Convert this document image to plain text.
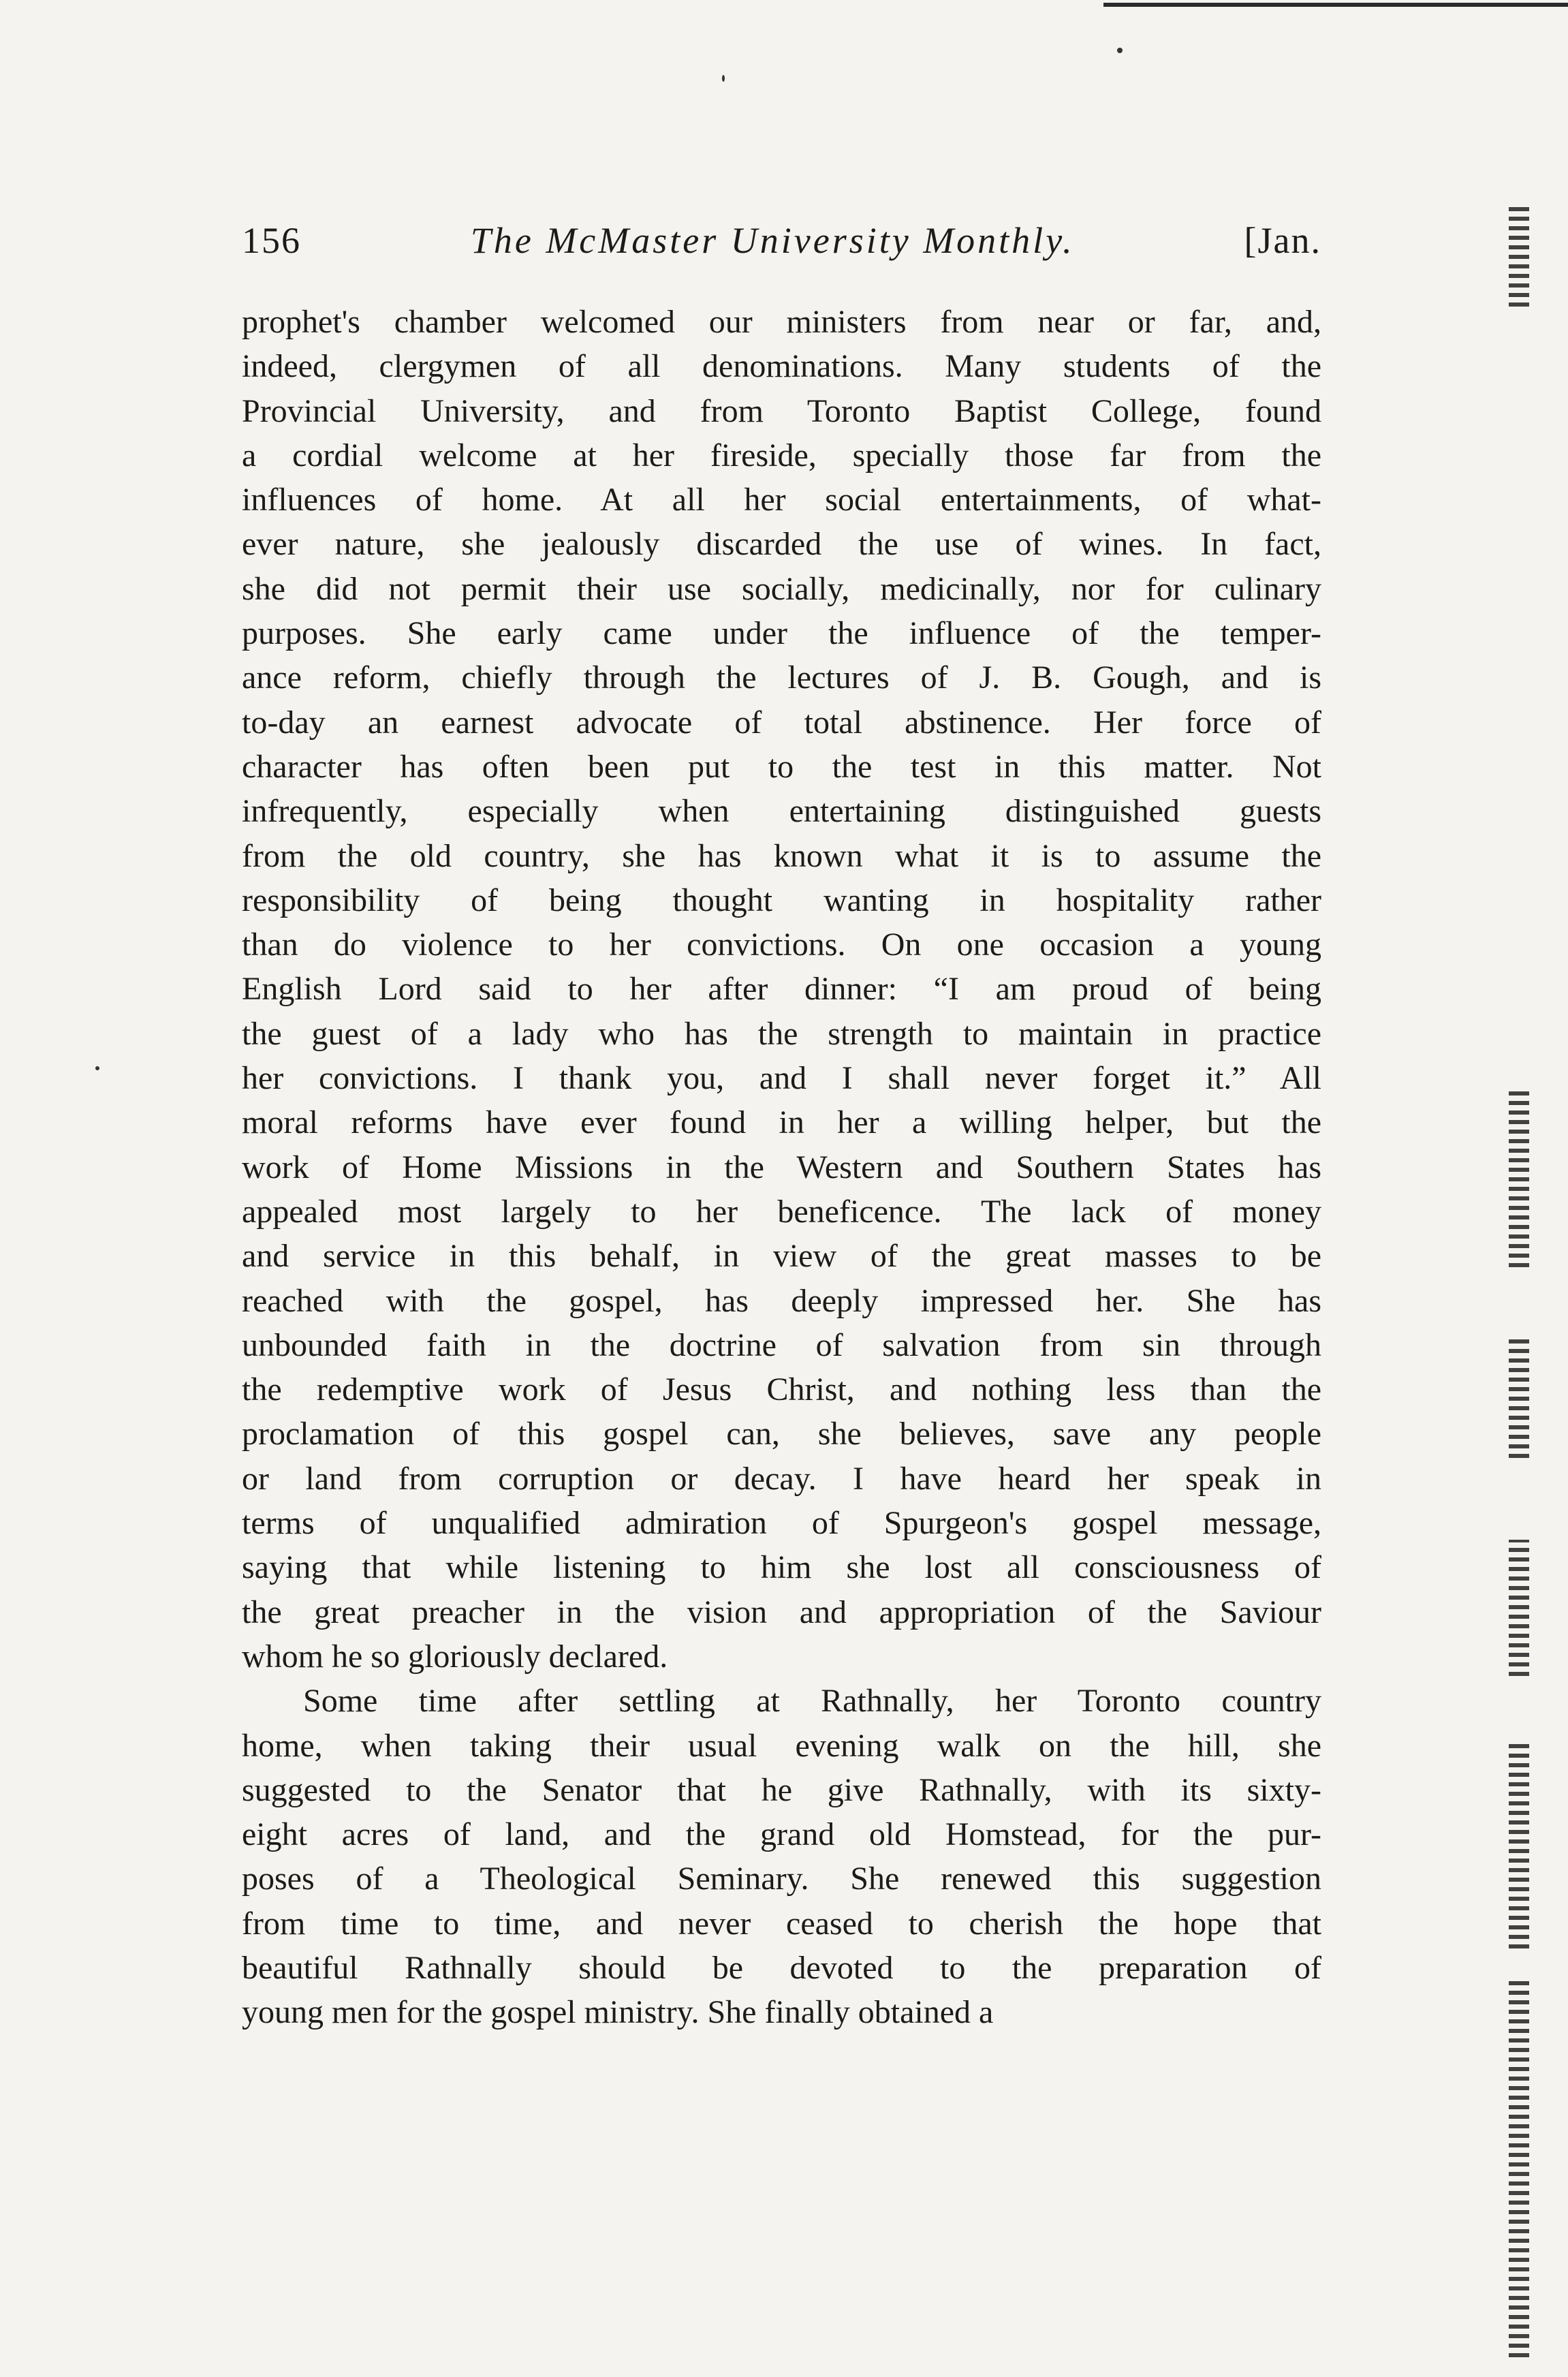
156	The McMaster University Monthly.	[Jan.
prophet's chamber welcomed our ministers from near or far, and,
indeed, clergymen of all denominations. Many students of the
Provincial University, and from Toronto Baptist College, found
a cordial welcome at her fireside, specially those far from the
influences of home. At all her social entertainments, of what-
ever nature, she jealously discarded the use of wines. In fact,
she did not permit their use socially, medicinally, nor for culinary
purposes. She early came under the influence of the temper-
ance reform, chiefly through the lectures of J. B. Gough, and is
to-day an earnest advocate of total abstinence. Her force of
character has often been put to the test in this matter. Not
infrequently, especially when entertaining distinguished guests
from the old country, she has known what it is to assume the
responsibility of being thought wanting in hospitality rather
than do violence to her convictions. On one occasion a young
English Lord said to her after dinner: “I am proud of being
the guest of a lady who has the strength to maintain in practice
her convictions. I thank you, and I shall never forget it.” All
moral reforms have ever found in her a willing helper, but the
work of Home Missions in the Western and Southern States has
appealed most largely to her beneficence. The lack of money
and service in this behalf, in view of the great masses to be
reached with the gospel, has deeply impressed her. She has
unbounded faith in the doctrine of salvation from sin through
the redemptive work of Jesus Christ, and nothing less than the
proclamation of this gospel can, she believes, save any people
or land from corruption or decay. I have heard her speak in
terms of unqualified admiration of Spurgeon's gospel message,
saying that while listening to him she lost all consciousness of
the great preacher in the vision and appropriation of the Saviour
whom he so gloriously declared.
Some time after settling at Rathnally, her Toronto country
home, when taking their usual evening walk on the hill, she
suggested to the Senator that he give Rathnally, with its sixty-
eight acres of land, and the grand old Homstead, for the pur-
poses of a Theological Seminary. She renewed this suggestion
from time to time, and never ceased to cherish the hope that
beautiful Rathnally should be devoted to the preparation of
young men for the gospel ministry. She finally obtained a
